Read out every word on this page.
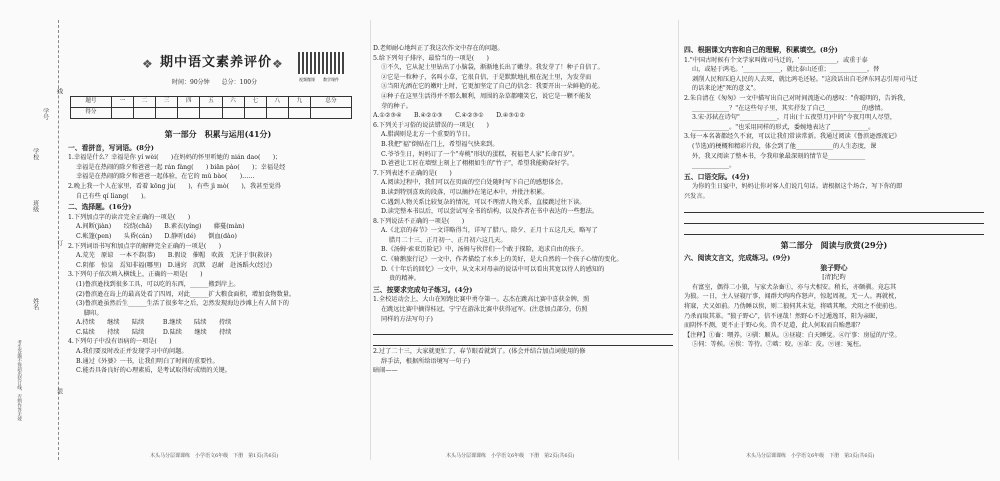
学号
学校
班级
姓名
线
订
装
考生答题不得超出装订线，否则作答无效
❖ 期中语文素养评价 ❖
视频微课 教学课件
时间：90分钟　　总分：100分
题号	一	二	三	四	五	六	七	八	九	总分
得分										
第一部分　积累与运用(41分)
一、看拼音，写词语。(8分)
1.幸福是什么？幸福是你 yí wèi(　　)在妈妈的怀里听她的 nián dao(　　)；
幸福是在热闹的除夕和爸爸一起 rán fàng(　　) biān pào(　　)；幸福是经
幸福是在热闹的除夕和爸爸一起体验，在它的 mǔ bào(　　)……
2.晚上我一个人在家里，看着 kōng jù(　　)，有些 jì mò(　　)，我甚至觉得
自己有些 qí lìang(　　)。
二、选择题。(16分)
1.下列加点字的读音完全正确的一项是(　　)
A.间断(jiàn)　　绞绕(chǎ)　　B.素衣(yíng)　　藤蔓(màn)
C.帐篷(pen)　　头昏(cán)　　D.静听(dé)　　倒血(dào)
2.下列词语书写和加点字的解释完全正确的一项是(　　)
A.荒芜　原谅　一本不恭(恭)　　B.假设　催帽　吹鼓　无济于事(救济)
C.阴郁　惊皇　焉知非福(哪里)　D.通窍　沉默　忍耐　赴汤蹈火(经过)
3.下列句子依次填入横线上，正确的一项是(　　)
(1)鲁滨逊找到很多工具，可以吃的东西，______搬到岸上。
(2)鲁滨逊在岛上的最高处看了四周，对此______扩大粮食面积，增加食物数量。
(3)鲁滨逊虽然后生______生活了很多年之后，怎然发现海边沙滩上有人留下的
脚印。
A.持续　　继续　　陆续　　　B.继续　　陆续　　持续
C.陆续　　持续　　陆续　　　D.陆续　　继续　　持续
4.下列句子中没有语病的一项是(　　)
A.我们要及时改正并发现学习中的问题。
B.通过《外婆》一书，让我们明白了时间的重要性。
C.能否具备良好的心理素质，是考试取得好成绩的关键。
D.老师耐心地纠正了我这次作文中存在的问题。
5.给下列句子排序，最恰当的一项是(　　)
①不久，它从泥土里钻出了小脑袋，渐渐地长出了嫩芽。我发芽了！种子自信了。
②它是一粒种子，名叫小草，它很自信，于是默默地扎根在泥土里，为发芽而
③当阳光洒在它的嫩叶上时，它更加坚定了自己的信念：我要开出一朵鲜艳的花。
④种子在这里生活得并不那么顺利，周围的杂草都嘲笑它，说它是一颗不能发
芽的种子。
A.①②③④　　B.④②①③　　C.④②③①　　D.④③①②
6.下列关于习俗的说法错误的一项是(　　)
A.腊满则是北方一个重要的节日。
B.我把"福"倒贴在门上，希望福气快来到。
C.爷爷生日，妈妈订了一个"寿桃"形状的蛋糕，祝福老人家"长命百岁"。
D.爸爸让工匠在墙壁上刻上了栩栩如生的"竹子"，希望我能勤奋好学。
7.下列表述不正确的是(　　)
A.阅读过程中，我们可以在页面的空白处随时写下自己的感想体会。
B.读到特别喜欢的段落，可以摘抄在笔记本中，并批注积累。
C.遇到人物关系比较复杂的情况，可以不理清人物关系，直接跳过往下读。
D.读完整本书以后，可以尝试写全书的结构，以及作者在书中表达的一些想法。
8.下列说法不正确的一项是(　　)
A.《北京的春节》一文详略得当，详写了腊八、除夕、正月十五这几天，略写了
腊月二十三、正月初一、正月初六这几天。
B.《汤姆·索亚历险记》中，汤姆与伙伴们一个敢于探险，追求自由的孩子。
C.《骑鹅旅行记》一文中，作者描绘了水乡上的美好，是大自然的一个孩子心情的变化。
D.《十年后的回忆》一文中，从文末对母亲的说话中可以看出其宽以待人的感知的
贵的精神。
三、按要求完成句子练习。(4分)
1.全校运动会上，大山在短跑比赛中勇夺第一。志杰在跳高比赛中喜获金牌，照
在跳远比赛中摘得桂冠，宁宁在游泳比赛中获得冠军。(注意加点部分，仿照
同样的方法写句子)
2.过了二十三，大家就更忙了，春节眼看就到了。(体会并结合加点词使用的修
辞手法，根据所给语境写一句子)
暗闹——
四、根据课文内容和自己的理解，积累填空。(8分)
1."中国古时候有个文学家叫做司马迁的，'____________，或重于泰
山，或轻于鸿毛。'____________，就比泰山还重；____________，替
剥削人民和压迫人民的人去死，就比鸿毛还轻。"这段话出自毛泽东同志引用司马迁
的话来论述"死的意义"。
2.朱自清在《匆匆》一文中描写出自己对时间流逝心的感叹："你聪明的，告诉我，
____________？"在这些句子里，其实抒发了自己____________的感情。
3.宋·苏轼在诗句"____________，月出(十五夜望月)中的"今夜月明人尽望，
____________。"也采用同样的形式，委婉地表达了____________。
3.每一本名著都经久不衰，可以让我们常读常新。我通过阅读《鲁滨逊漂流记》
(节选)的梗概和精彩片段，体会到了他____________的人生态度，课
外，我又阅读了整本书，令我印象最深刻的情节是____________
____________。
五、口语交际。(4分)
为你的生日宴中，妈妈让你对客人们说几句话。请根据这个场合，写下你的即
兴发言。
第二部分　阅读与欣赏(29分)
六、阅读文言文，完成练习。(9分)
狼子野心
[清]纪昀
有富室，偶得二小狼，与家犬杂畜①，亦与犬相安。稍长，亦颇驯。竟忘其
为狼。一日，主人昼寝厅事，闻群犬呜呜作怒声，惊起周视，无一人。再就枕，
将寐，犬又如前。乃伪睡以俟，则二狼伺其未觉，将啮其喉，犬阻之不使前也。
乃杀而取其革。"狼子野心"，信不诬哉！然野心不过遁逸耳，阳为亲昵，
而阴怀不测，更不止于野心矣。兽不足道，此人何取而自贻患耶？
【注释】①畜：喂养。②驯：顺从。③昼寝：白天睡觉。④厅事：房屋的厅堂。
⑤伺：等候。⑥俟：等待。⑦啮：咬。⑧革：皮。⑨诬：冤枉。
木头马分层课课练　小学语文6年级　下册　第1页(共6页)	木头马分层课课练　小学语文6年级　下册　第2页(共6页)	木头马分层课课练　小学语文6年级　下册　第3页(共6页)
